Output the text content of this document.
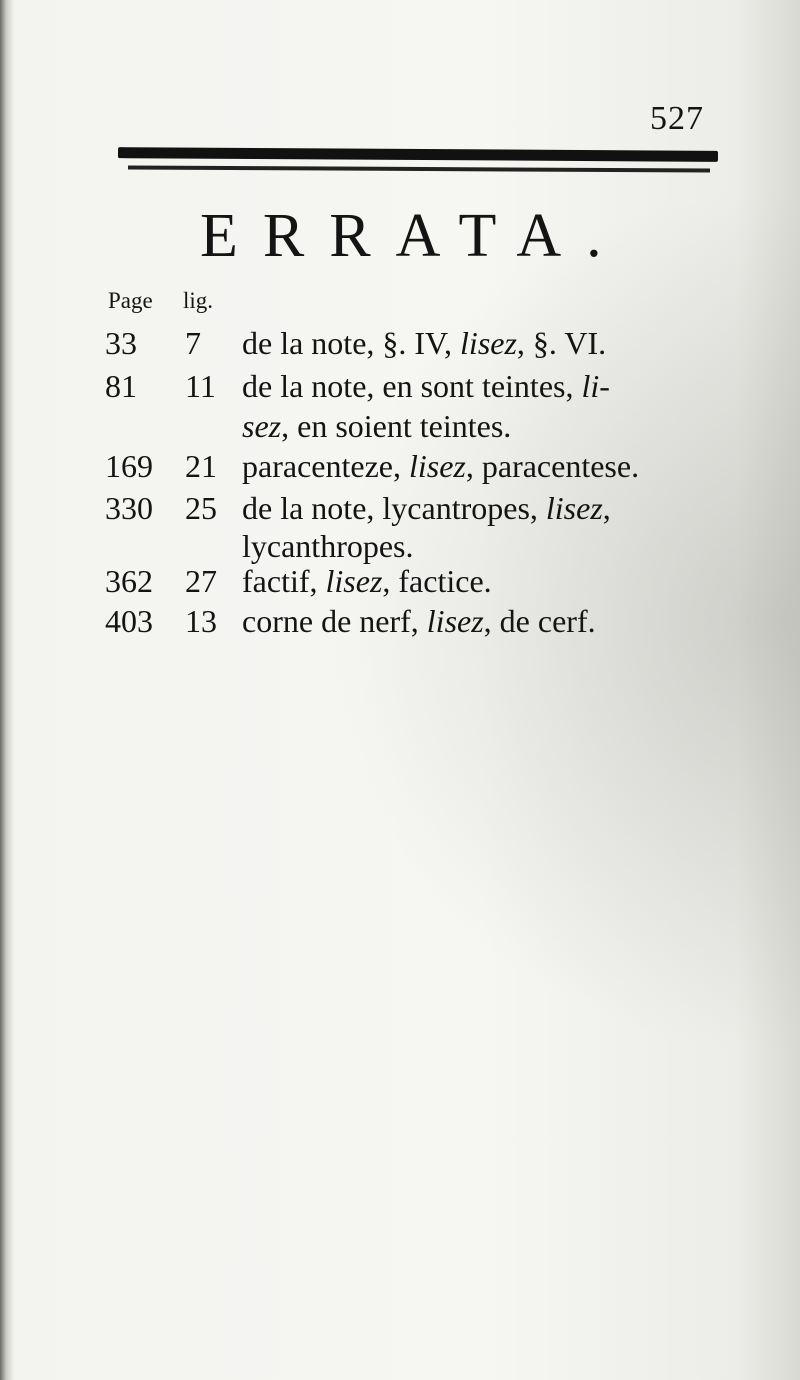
527
ERRATA.
Page lig.
33 7 de la note, §. IV, lisez, §. VI.
81 11 de la note, en sont teintes, li-
sez, en soient teintes.
169 21 paracenteze, lisez, paracentese.
330 25 de la note, lycantropes, lisez,
lycanthropes.
362 27 factif, lisez, factice.
403 13 corne de nerf, lisez, de cerf.
